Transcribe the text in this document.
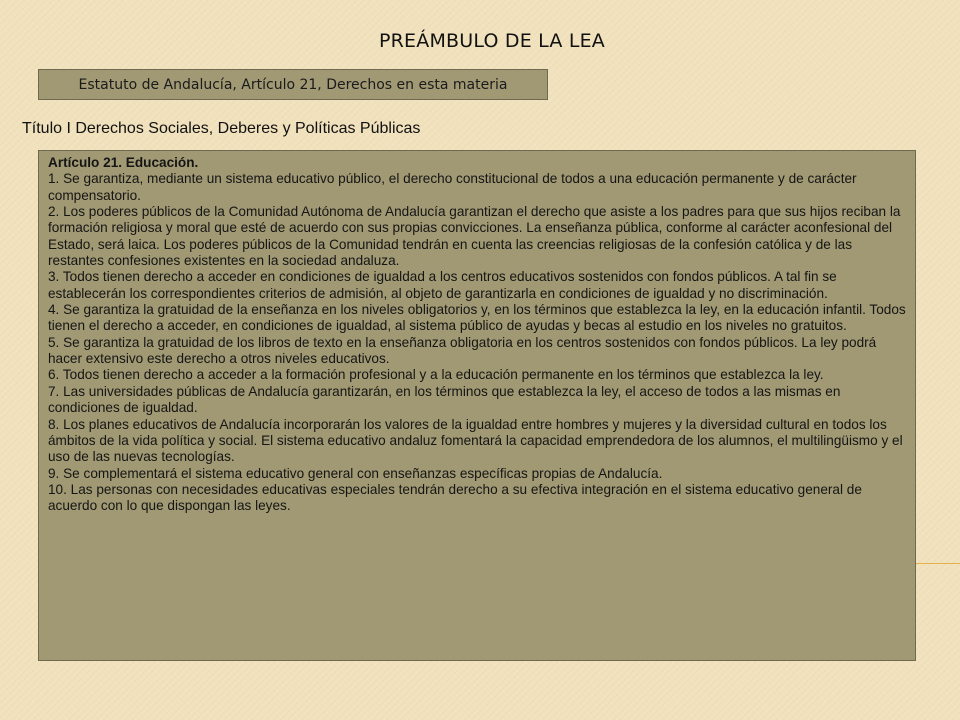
PREÁMBULO DE LA LEA
Estatuto de Andalucía, Artículo 21, Derechos en esta materia
Título I Derechos Sociales, Deberes y Políticas Públicas

Artículo 21. Educación.

1. Se garantiza, mediante un sistema educativo público, el derecho constitucional de todos a una educación permanente y de carácter compensatorio.

2. Los poderes públicos de la Comunidad Autónoma de Andalucía garantizan el derecho que asiste a los padres para que sus hijos reciban la formación religiosa y moral que esté de acuerdo con sus propias convicciones. La enseñanza pública, conforme al carácter aconfesional del Estado, será laica. Los poderes públicos de la Comunidad tendrán en cuenta las creencias religiosas de la confesión católica y de las restantes confesiones existentes en la sociedad andaluza.

3. Todos tienen derecho a acceder en condiciones de igualdad a los centros educativos sostenidos con fondos públicos. A tal fin se establecerán los correspondientes criterios de admisión, al objeto de garantizarla en condiciones de igualdad y no discriminación.

4. Se garantiza la gratuidad de la enseñanza en los niveles obligatorios y, en los términos que establezca la ley, en la educación infantil. Todos tienen el derecho a acceder, en condiciones de igualdad, al sistema público de ayudas y becas al estudio en los niveles no gratuitos.

5. Se garantiza la gratuidad de los libros de texto en la enseñanza obligatoria en los centros sostenidos con fondos públicos. La ley podrá hacer extensivo este derecho a otros niveles educativos.

6. Todos tienen derecho a acceder a la formación profesional y a la educación permanente en los términos que establezca la ley.

7. Las universidades públicas de Andalucía garantizarán, en los términos que establezca la ley, el acceso de todos a las mismas en condiciones de igualdad.

8. Los planes educativos de Andalucía incorporarán los valores de la igualdad entre hombres y mujeres y la diversidad cultural en todos los ámbitos de la vida política y social. El sistema educativo andaluz fomentará la capacidad emprendedora de los alumnos, el multilingüismo y el uso de las nuevas tecnologías.

9. Se complementará el sistema educativo general con enseñanzas específicas propias de Andalucía.

10. Las personas con necesidades educativas especiales tendrán derecho a su efectiva integración en el sistema educativo general de acuerdo con lo que dispongan las leyes.
